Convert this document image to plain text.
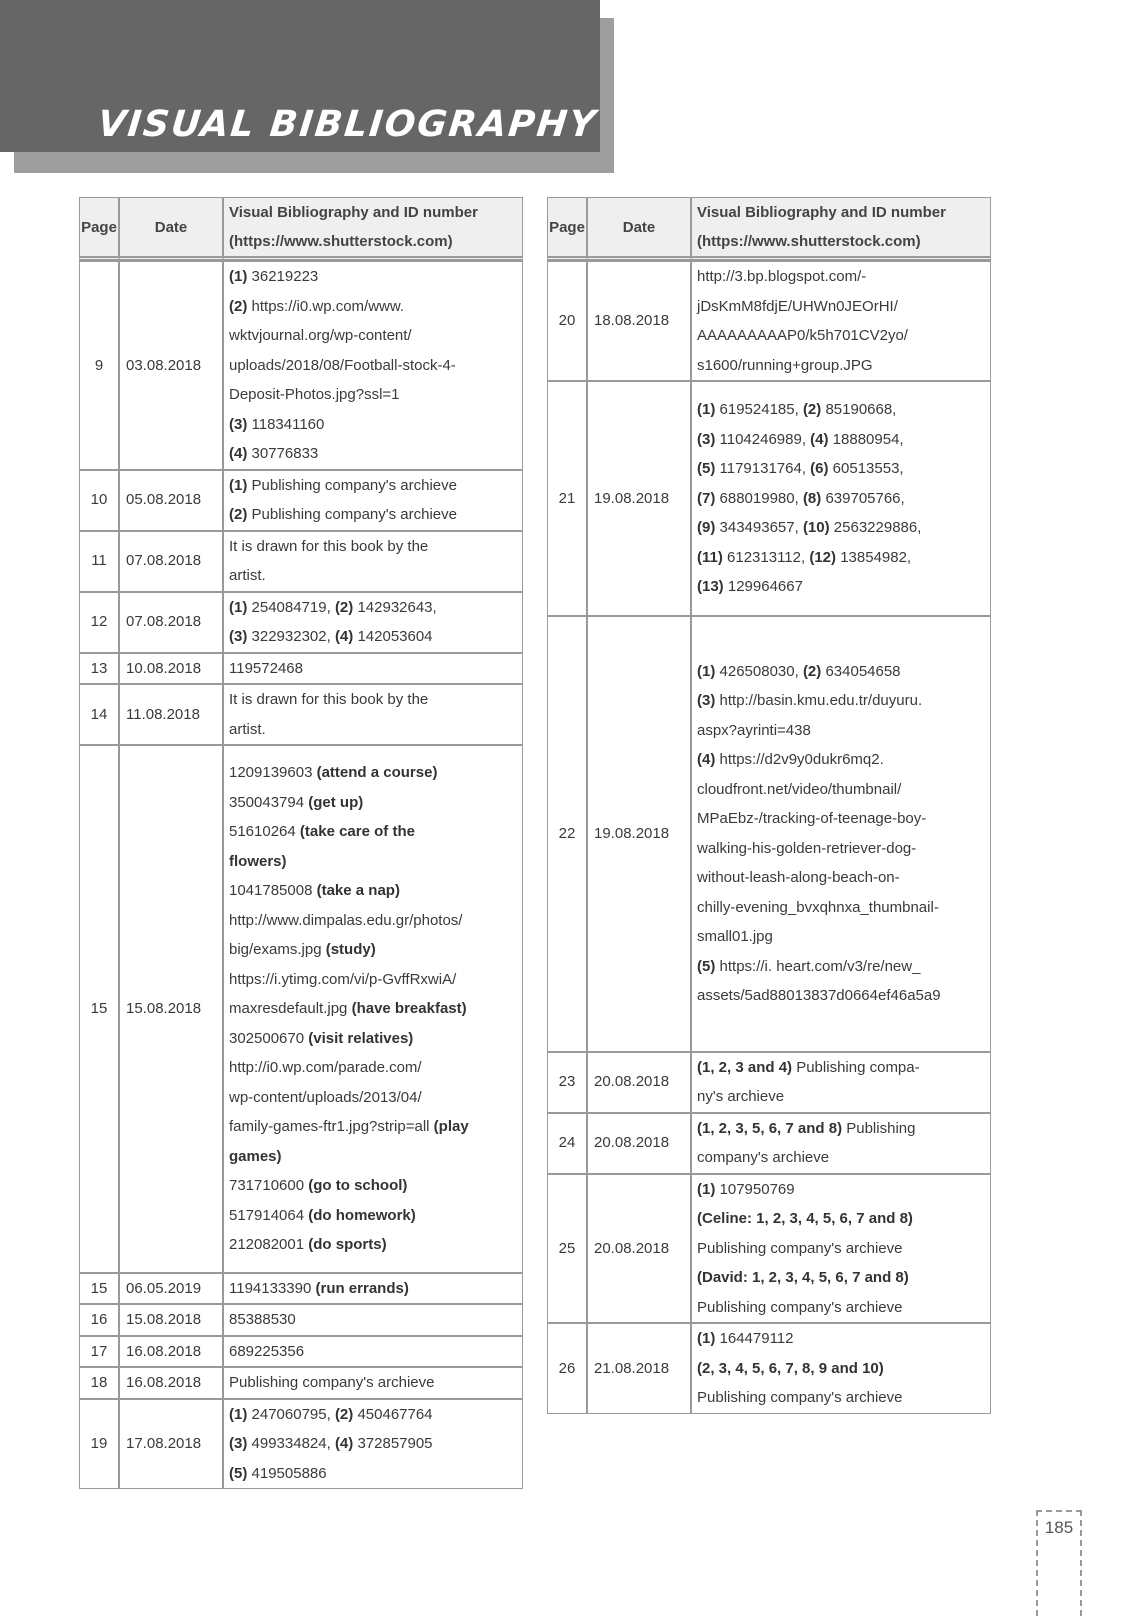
VISUAL BIBLIOGRAPHY
Page	Date	Visual Bibliography and ID number
(https://www.shutterstock.com)

9	03.08.2018	
(1) 36219223
(2) https://i0.wp.com/www.
wktvjournal.org/wp-content/
uploads/2018/08/Football-stock-4-
Deposit-Photos.jpg?ssl=1
(3) 118341160
(4) 30776833

10	05.08.2018	(1) Publishing company's archieve
(2) Publishing company's archieve

11	07.08.2018	It is drawn for this book by the
artist.

12	07.08.2018	(1) 254084719, (2) 142932643,
(3) 322932302, (4) 142053604

13	10.08.2018	119572468

14	11.08.2018	It is drawn for this book by the
artist.

15	15.08.2018	
1209139603 (attend a course)
350043794 (get up)
51610264 (take care of the
flowers)
1041785008 (take a nap)
http://www.dimpalas.edu.gr/photos/
big/exams.jpg (study)
https://i.ytimg.com/vi/p-GvffRxwiA/
maxresdefault.jpg (have breakfast)
302500670 (visit relatives)
http://i0.wp.com/parade.com/
wp-content/uploads/2013/04/
family-games-ftr1.jpg?strip=all (play
games)
731710600 (go to school)
517914064 (do homework)
212082001 (do sports)

15	06.05.2019	1194133390 (run errands)

16	15.08.2018	85388530

17	16.08.2018	689225356

18	16.08.2018	Publishing company's archieve

19	17.08.2018	(1) 247060795, (2) 450467764
(3) 499334824, (4) 372857905
(5) 419505886
Page	Date	Visual Bibliography and ID number
(https://www.shutterstock.com)

20	18.08.2018	http://3.bp.blogspot.com/-
jDsKmM8fdjE/UHWn0JEOrHI/
AAAAAAAAAP0/k5h701CV2yo/
s1600/running+group.JPG

21	19.08.2018	
(1) 619524185, (2) 85190668,
(3) 1104246989, (4) 18880954,
(5) 1179131764, (6) 60513553,
(7) 688019980, (8) 639705766,
(9) 343493657, (10) 2563229886,
(11) 612313112, (12) 13854982,
(13) 129964667

22	19.08.2018	
(1) 426508030, (2) 634054658
(3) http://basin.kmu.edu.tr/duyuru.
aspx?ayrinti=438
(4) https://d2v9y0dukr6mq2.
cloudfront.net/video/thumbnail/
MPaEbz-/tracking-of-teenage-boy-
walking-his-golden-retriever-dog-
without-leash-along-beach-on-
chilly-evening_bvxqhnxa_thumbnail-
small01.jpg
(5) https://i. heart.com/v3/re/new_
assets/5ad88013837d0664ef46a5a9

23	20.08.2018	(1, 2, 3 and 4) Publishing compa-
ny's archieve

24	20.08.2018	(1, 2, 3, 5, 6, 7 and 8) Publishing
company's archieve

25	20.08.2018	(1) 107950769
(Celine: 1, 2, 3, 4, 5, 6, 7 and 8)
Publishing company's archieve
(David: 1, 2, 3, 4, 5, 6, 7 and 8)
Publishing company's archieve

26	21.08.2018	(1) 164479112
(2, 3, 4, 5, 6, 7, 8, 9 and 10)
Publishing company's archieve
185
